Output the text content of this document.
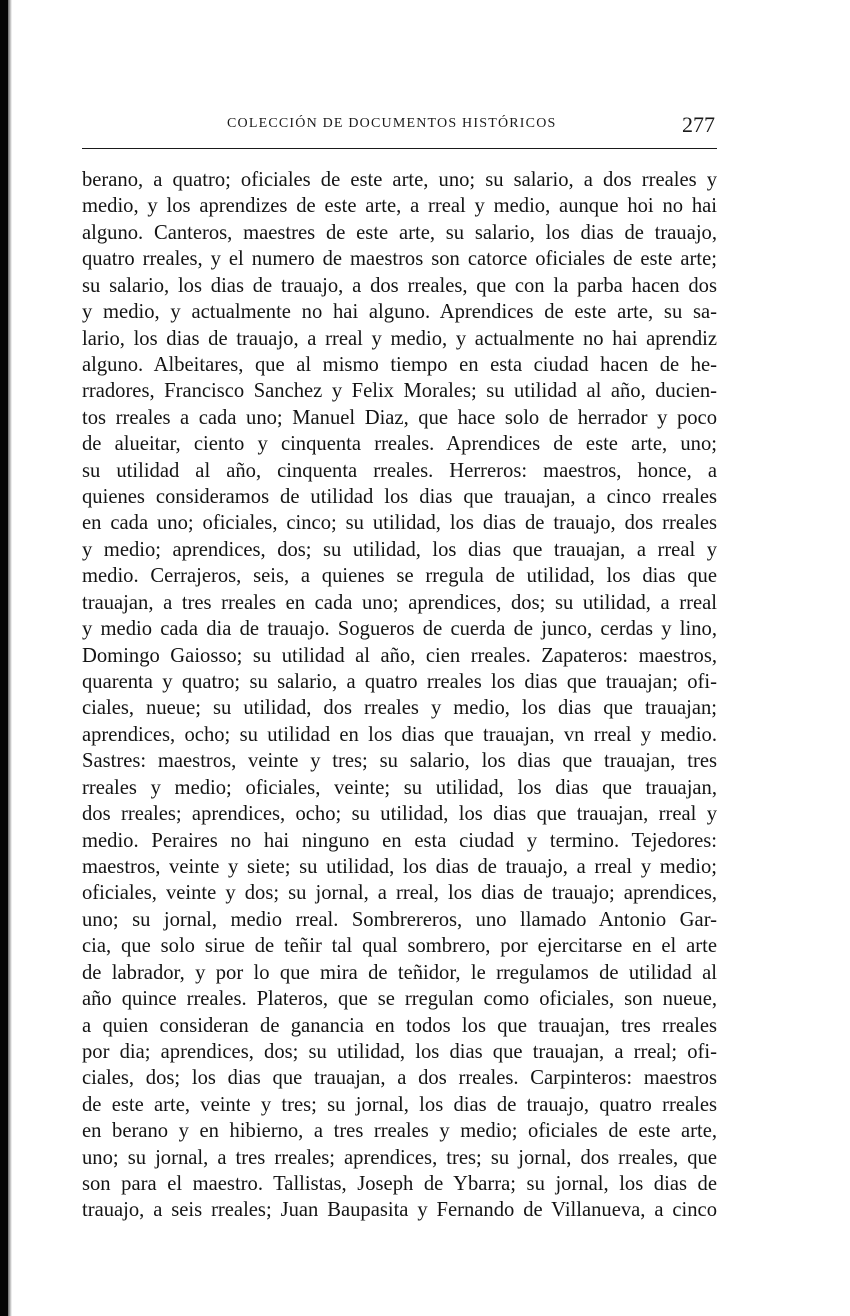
COLECCIÓN DE DOCUMENTOS HISTÓRICOS	277
berano, a quatro; oficiales de este arte, uno; su salario, a dos rreales y
medio, y los aprendizes de este arte, a rreal y medio, aunque hoi no hai
alguno. Canteros, maestres de este arte, su salario, los dias de trauajo,
quatro rreales, y el numero de maestros son catorce oficiales de este arte;
su salario, los dias de trauajo, a dos rreales, que con la parba hacen dos
y medio, y actualmente no hai alguno. Aprendices de este arte, su sa-
lario, los dias de trauajo, a rreal y medio, y actualmente no hai aprendiz
alguno. Albeitares, que al mismo tiempo en esta ciudad hacen de he-
rradores, Francisco Sanchez y Felix Morales; su utilidad al año, ducien-
tos rreales a cada uno; Manuel Diaz, que hace solo de herrador y poco
de alueitar, ciento y cinquenta rreales. Aprendices de este arte, uno;
su utilidad al año, cinquenta rreales. Herreros: maestros, honce, a
quienes consideramos de utilidad los dias que trauajan, a cinco rreales
en cada uno; oficiales, cinco; su utilidad, los dias de trauajo, dos rreales
y medio; aprendices, dos; su utilidad, los dias que trauajan, a rreal y
medio. Cerrajeros, seis, a quienes se rregula de utilidad, los dias que
trauajan, a tres rreales en cada uno; aprendices, dos; su utilidad, a rreal
y medio cada dia de trauajo. Sogueros de cuerda de junco, cerdas y lino,
Domingo Gaiosso; su utilidad al año, cien rreales. Zapateros: maestros,
quarenta y quatro; su salario, a quatro rreales los dias que trauajan; ofi-
ciales, nueue; su utilidad, dos rreales y medio, los dias que trauajan;
aprendices, ocho; su utilidad en los dias que trauajan, vn rreal y medio.
Sastres: maestros, veinte y tres; su salario, los dias que trauajan, tres
rreales y medio; oficiales, veinte; su utilidad, los dias que trauajan,
dos rreales; aprendices, ocho; su utilidad, los dias que trauajan, rreal y
medio. Peraires no hai ninguno en esta ciudad y termino. Tejedores:
maestros, veinte y siete; su utilidad, los dias de trauajo, a rreal y medio;
oficiales, veinte y dos; su jornal, a rreal, los dias de trauajo; aprendices,
uno; su jornal, medio rreal. Sombrereros, uno llamado Antonio Gar-
cia, que solo sirue de teñir tal qual sombrero, por ejercitarse en el arte
de labrador, y por lo que mira de teñidor, le rregulamos de utilidad al
año quince rreales. Plateros, que se rregulan como oficiales, son nueue,
a quien consideran de ganancia en todos los que trauajan, tres rreales
por dia; aprendices, dos; su utilidad, los dias que trauajan, a rreal; ofi-
ciales, dos; los dias que trauajan, a dos rreales. Carpinteros: maestros
de este arte, veinte y tres; su jornal, los dias de trauajo, quatro rreales
en berano y en hibierno, a tres rreales y medio; oficiales de este arte,
uno; su jornal, a tres rreales; aprendices, tres; su jornal, dos rreales, que
son para el maestro. Tallistas, Joseph de Ybarra; su jornal, los dias de
trauajo, a seis rreales; Juan Baupasita y Fernando de Villanueva, a cinco
